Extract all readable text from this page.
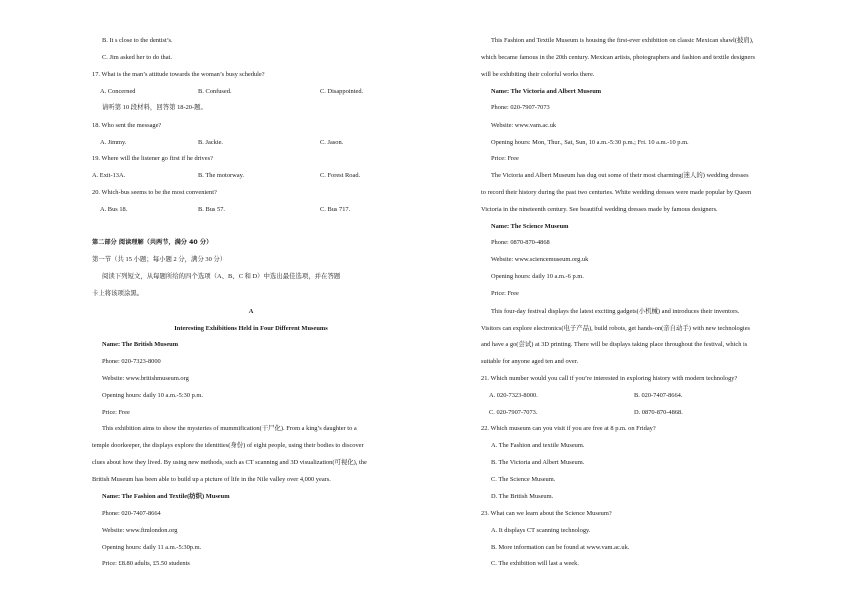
B. It s close to the dentist’s.
C. Jim asked her to do that.
17. What is the man’s attitude towards the woman’s busy schedule?
A. Concerned	B. Confused.	C. Disappointed.
请听第 10 段材料，回答第 18-20-题。
18. Who sent the message?
A. Jimmy.	B. Jackie.	C. Jason.
19. Where will the listener go first if he drives?
A. Exit-13A.	B. The motorway.	C. Forest Road.
20. Which-bus seems to be the most convenient?
A. Bus 18.	B. Bus 57.	C. Bus 717.
第二部分 阅读理解（共两节，满分 40 分）
第一节（共 15 小题；每小题 2 分，满分 30 分）
阅读下列短文，从每题所给的四个选项（A、B、C 和 D）中选出最佳选项，并在答题
卡上将该项涂黑。
A
Interesting Exhibitions Held in Four Different Museums
Name: The British Museum
Phone: 020-7323-8000
Website: www.britishmuseum.org
Opening hours: daily 10 a.m.-5:30 p.m.
Price: Free
This exhibition aims to show the mysteries of mummification(干尸化). From a king’s daughter to a
temple doorkeeper, the displays explore the identities(身份) of eight people, using their bodies to discover
clues about how they lived. By using new methods, such as CT scanning and 3D visualization(可视化), the
British Museum has been able to build up a picture of life in the Nile valley over 4,000 years.
Name: The Fashion and Textile(纺织) Museum
Phone: 020-7407-8664
Website: www.ftmlondon.org
Opening hours: daily 11 a.m.-5:30p.m.
Price: £8.80 adults, £5.50 students
This Fashion and Textile Museum is housing the first-ever exhibition on classic Mexican shawl(披肩),
which became famous in the 20th century. Mexican artists, photographers and fashion and textile designers
will be exhibiting their colorful works there.
Name: The Victoria and Albert Museum
Phone: 020-7907-7073
Website: www.vam.ac.uk
Opening hours: Mon, Thur., Sat, Sun, 10 a.m.-5:30 p.m.; Fri. 10 a.m.-10 p.m.
Price: Free
The Victoria and Albert Museum has dug out some of their most charming(迷人的) wedding dresses
to record their history during the past two centuries. White wedding dresses were made popular by Queen
Victoria in the nineteenth century. See beautiful wedding dresses made by famous designers.
Name: The Science Museum
Phone: 0870-870-4868
Website: www.sciencemuseum.org.uk
Opening hours: daily 10 a.m.-6 p.m.
Price: Free
This four-day festival displays the latest exciting gadgets(小机械) and introduces their inventors.
Visitors can explore electronics(电子产品), build robots, get hands-on(亲自动手) with new technologies
and have a go(尝试) at 3D printing. There will be displays taking place throughout the festival, which is
suitable for anyone aged ten and over.
21. Which number would you call if you’re interested in exploring history with modern technology?
A. 020-7323-8000.	B. 020-7407-8664.
C. 020-7907-7073.	D. 0870-870-4868.
22. Which museum can you visit if you are free at 8 p.m. on Friday?
A. The Fashion and textile Museum.
B. The Victoria and Albert Museum.
C. The Science Museum.
D. The British Museum.
23. What can we learn about the Science Museum?
A. It displays CT scanning technology.
B. More information can be found at www.vam.ac.uk.
C. The exhibition will last a week.
